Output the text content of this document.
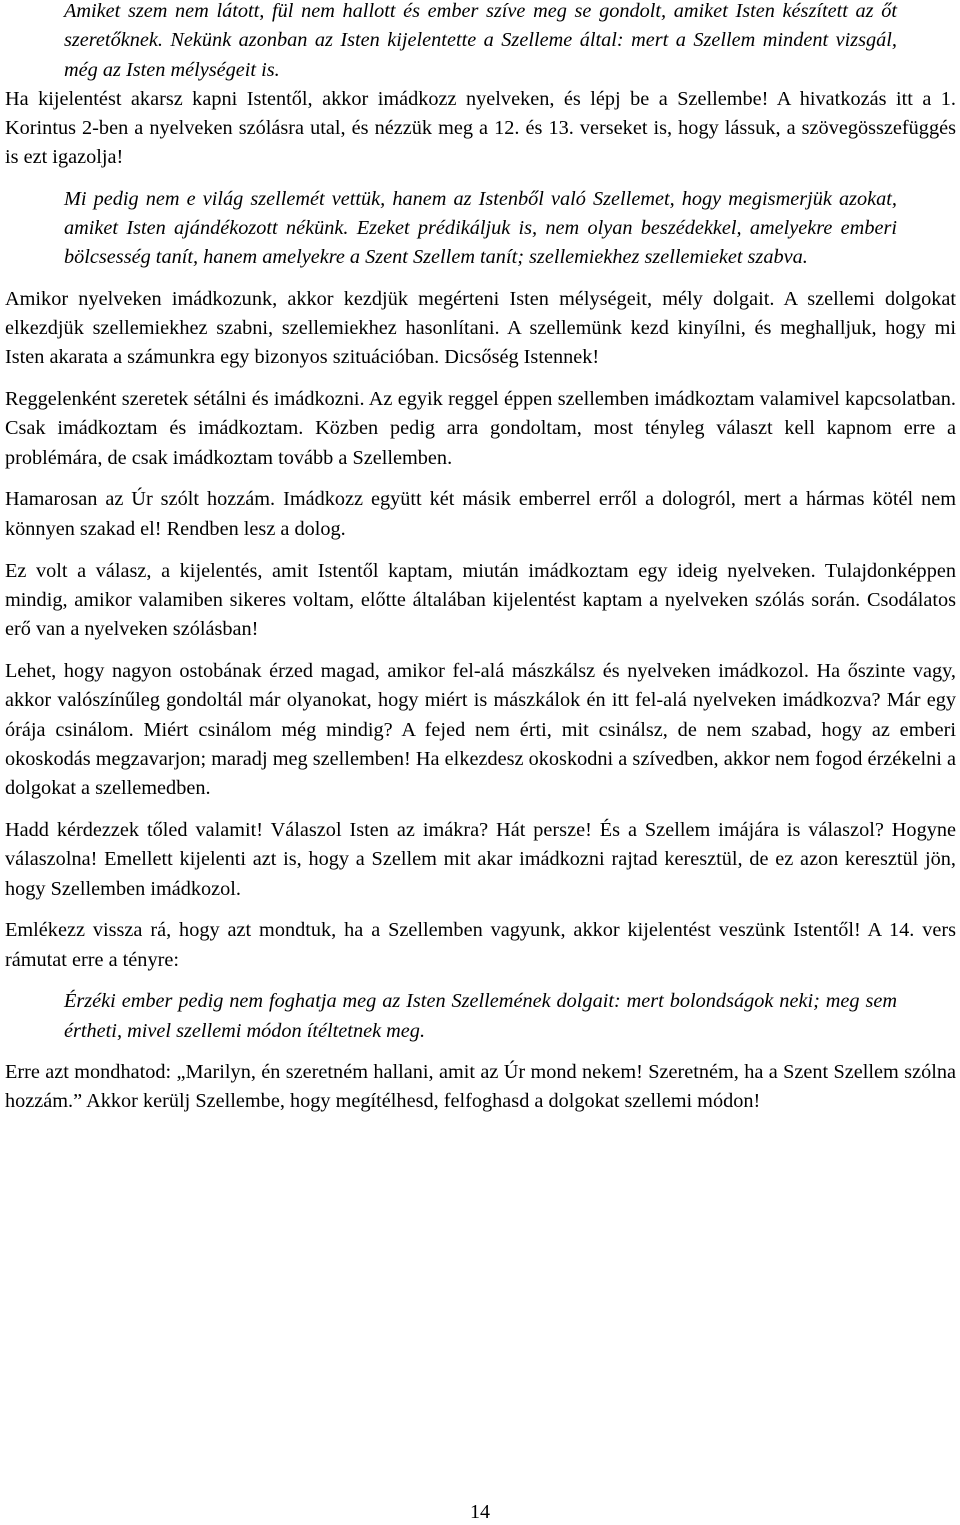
Amiket szem nem látott, fül nem hallott és ember szíve meg se gondolt, amiket Isten készített az őt szeretőknek. Nekünk azonban az Isten kijelentette a Szelleme által: mert a Szellem mindent vizsgál, még az Isten mélységeit is.

Ha kijelentést akarsz kapni Istentől, akkor imádkozz nyelveken, és lépj be a Szellembe! A hivatkozás itt a 1. Korintus 2-ben a nyelveken szólásra utal, és nézzük meg a 12. és 13. verseket is, hogy lássuk, a szövegösszefüggés is ezt igazolja!

Mi pedig nem e világ szellemét vettük, hanem az Istenből való Szellemet, hogy megismerjük azokat, amiket Isten ajándékozott nékünk. Ezeket prédikáljuk is, nem olyan beszédekkel, amelyekre emberi bölcsesség tanít, hanem amelyekre a Szent Szellem tanít; szellemiekhez szellemieket szabva.

Amikor nyelveken imádkozunk, akkor kezdjük megérteni Isten mélységeit, mély dolgait. A szellemi dolgokat elkezdjük szellemiekhez szabni, szellemiekhez hasonlítani. A szellemünk kezd kinyílni, és meghalljuk, hogy mi Isten akarata a számunkra egy bizonyos szituációban. Dicsőség Istennek!

Reggelenként szeretek sétálni és imádkozni. Az egyik reggel éppen szellemben imádkoztam valamivel kapcsolatban. Csak imádkoztam és imádkoztam. Közben pedig arra gondoltam, most tényleg választ kell kapnom erre a problémára, de csak imádkoztam tovább a Szellemben.

Hamarosan az Úr szólt hozzám. Imádkozz együtt két másik emberrel erről a dologról, mert a hármas kötél nem könnyen szakad el! Rendben lesz a dolog.

Ez volt a válasz, a kijelentés, amit Istentől kaptam, miután imádkoztam egy ideig nyelveken. Tulajdonképpen mindig, amikor valamiben sikeres voltam, előtte általában kijelentést kaptam a nyelveken szólás során. Csodálatos erő van a nyelveken szólásban!

Lehet, hogy nagyon ostobának érzed magad, amikor fel-alá mászkálsz és nyelveken imádkozol. Ha őszinte vagy, akkor valószínűleg gondoltál már olyanokat, hogy miért is mászkálok én itt fel-alá nyelveken imádkozva? Már egy órája csinálom. Miért csinálom még mindig? A fejed nem érti, mit csinálsz, de nem szabad, hogy az emberi okoskodás megzavarjon; maradj meg szellemben! Ha elkezdesz okoskodni a szívedben, akkor nem fogod érzékelni a dolgokat a szellemedben.

Hadd kérdezzek tőled valamit! Válaszol Isten az imákra? Hát persze! És a Szellem imájára is válaszol? Hogyne válaszolna! Emellett kijelenti azt is, hogy a Szellem mit akar imádkozni rajtad keresztül, de ez azon keresztül jön, hogy Szellemben imádkozol.

Emlékezz vissza rá, hogy azt mondtuk, ha a Szellemben vagyunk, akkor kijelentést veszünk Istentől! A 14. vers rámutat erre a tényre:

Érzéki ember pedig nem foghatja meg az Isten Szellemének dolgait: mert bolondságok neki; meg sem értheti, mivel szellemi módon ítéltetnek meg.

Erre azt mondhatod: „Marilyn, én szeretném hallani, amit az Úr mond nekem! Szeretném, ha a Szent Szellem szólna hozzám.” Akkor kerülj Szellembe, hogy megítélhesd, felfoghasd a dolgokat szellemi módon!

14
